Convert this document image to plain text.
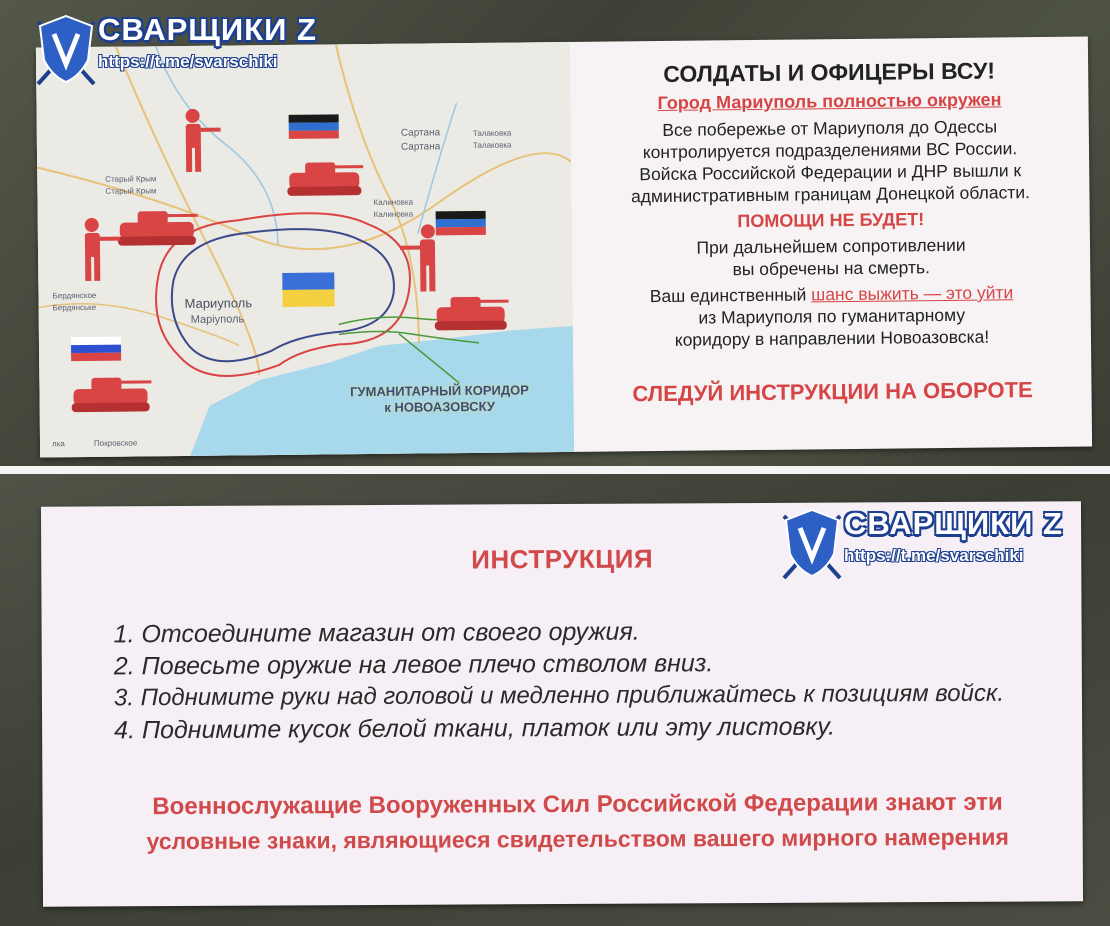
Сартана
Сартана
Талаковка
Талаковка
Старый Крым
Старый Крым
Калиновка
Калиновка
Бердянское
Бердянське	Мариуполь
Маріуполь
Покровское
лка
ГУМАНИТАРНЫЙ КОРИДОР
к НОВОАЗОВСКУ
СОЛДАТЫ И ОФИЦЕРЫ ВСУ!
Город Мариуполь полностью окружен
Все побережье от Мариуполя до Одессы
контролируется подразделениями ВС России.
Войска Российской Федерации и ДНР вышли к
административным границам Донецкой области.
ПОМОЩИ НЕ БУДЕТ!
При дальнейшем сопротивлении
вы обречены на смерть.
Ваш единственный шанс выжить — это уйти
из Мариуполя по гуманитарному
коридору в направлении Новоазовска!
СЛЕДУЙ ИНСТРУКЦИИ НА ОБОРОТЕ
ИНСТРУКЦИЯ
1. Отсоедините магазин от своего оружия.
2. Повесьте оружие на левое плечо стволом вниз.
3. Поднимите руки над головой и медленно приближайтесь к позициям войск.
4. Поднимите кусок белой ткани, платок или эту листовку.
Военнослужащие Вооруженных Сил Российской Федерации знают эти
условные знаки, являющиеся свидетельством вашего мирного намерения
СВАРЩИКИ Z
https://t.me/svarschiki
СВАРЩИКИ Z
https://t.me/svarschiki
